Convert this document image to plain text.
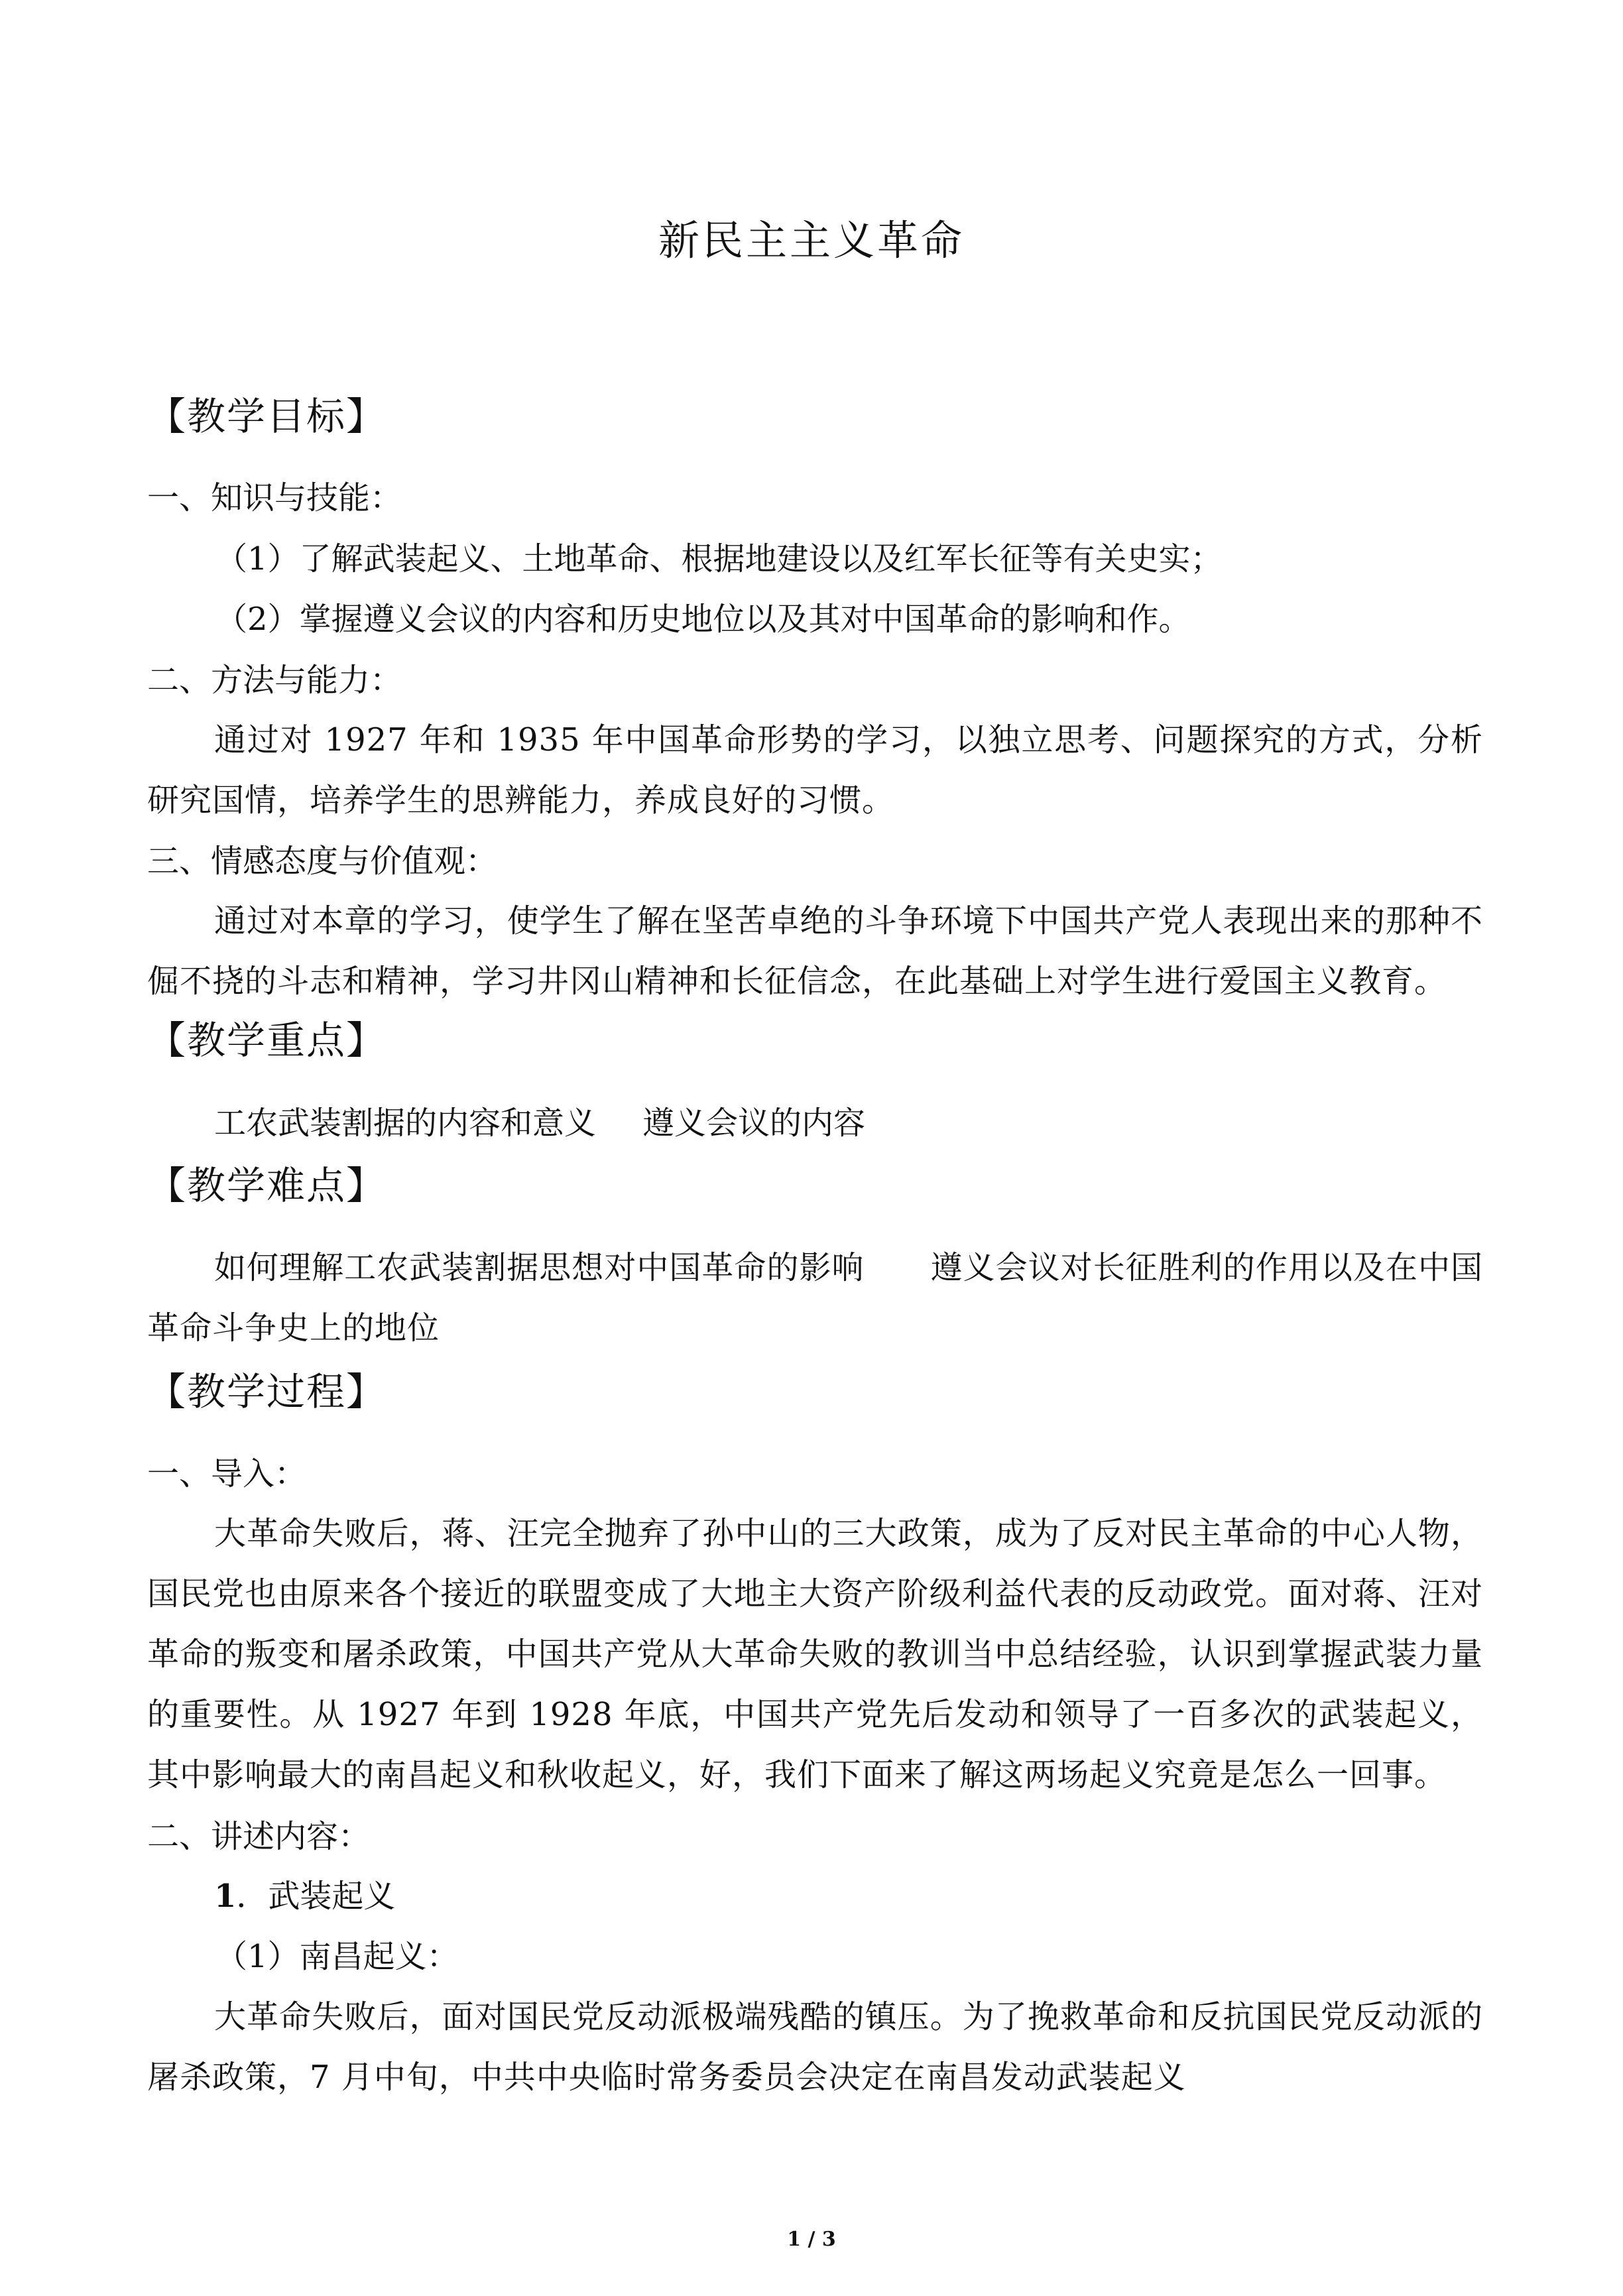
新民主主义革命
【教学目标】
一、知识与技能：
（1）了解武装起义、土地革命、根据地建设以及红军长征等有关史实；
（2）掌握遵义会议的内容和历史地位以及其对中国革命的影响和作。
二、方法与能力：
通过对 1927 年和 1935 年中国革命形势的学习，以独立思考、问题探究的方式，分析研究国情，培养学生的思辨能力，养成良好的习惯。
三、情感态度与价值观：
通过对本章的学习，使学生了解在坚苦卓绝的斗争环境下中国共产党人表现出来的那种不倔不挠的斗志和精神，学习井冈山精神和长征信念，在此基础上对学生进行爱国主义教育。
【教学重点】
工农武装割据的内容和意义 遵义会议的内容
【教学难点】
如何理解工农武装割据思想对中国革命的影响 遵义会议对长征胜利的作用以及在中国革命斗争史上的地位
【教学过程】
一、导入：
大革命失败后，蒋、汪完全抛弃了孙中山的三大政策，成为了反对民主革命的中心人物，国民党也由原来各个接近的联盟变成了大地主大资产阶级利益代表的反动政党。面对蒋、汪对革命的叛变和屠杀政策，中国共产党从大革命失败的教训当中总结经验，认识到掌握武装力量的重要性。从 1927 年到 1928 年底，中国共产党先后发动和领导了一百多次的武装起义，其中影响最大的南昌起义和秋收起义，好，我们下面来了解这两场起义究竟是怎么一回事。
二、讲述内容：
1．武装起义
（1）南昌起义：
大革命失败后，面对国民党反动派极端残酷的镇压。为了挽救革命和反抗国民党反动派的屠杀政策，7 月中旬，中共中央临时常务委员会决定在南昌发动武装起义
1 / 3
